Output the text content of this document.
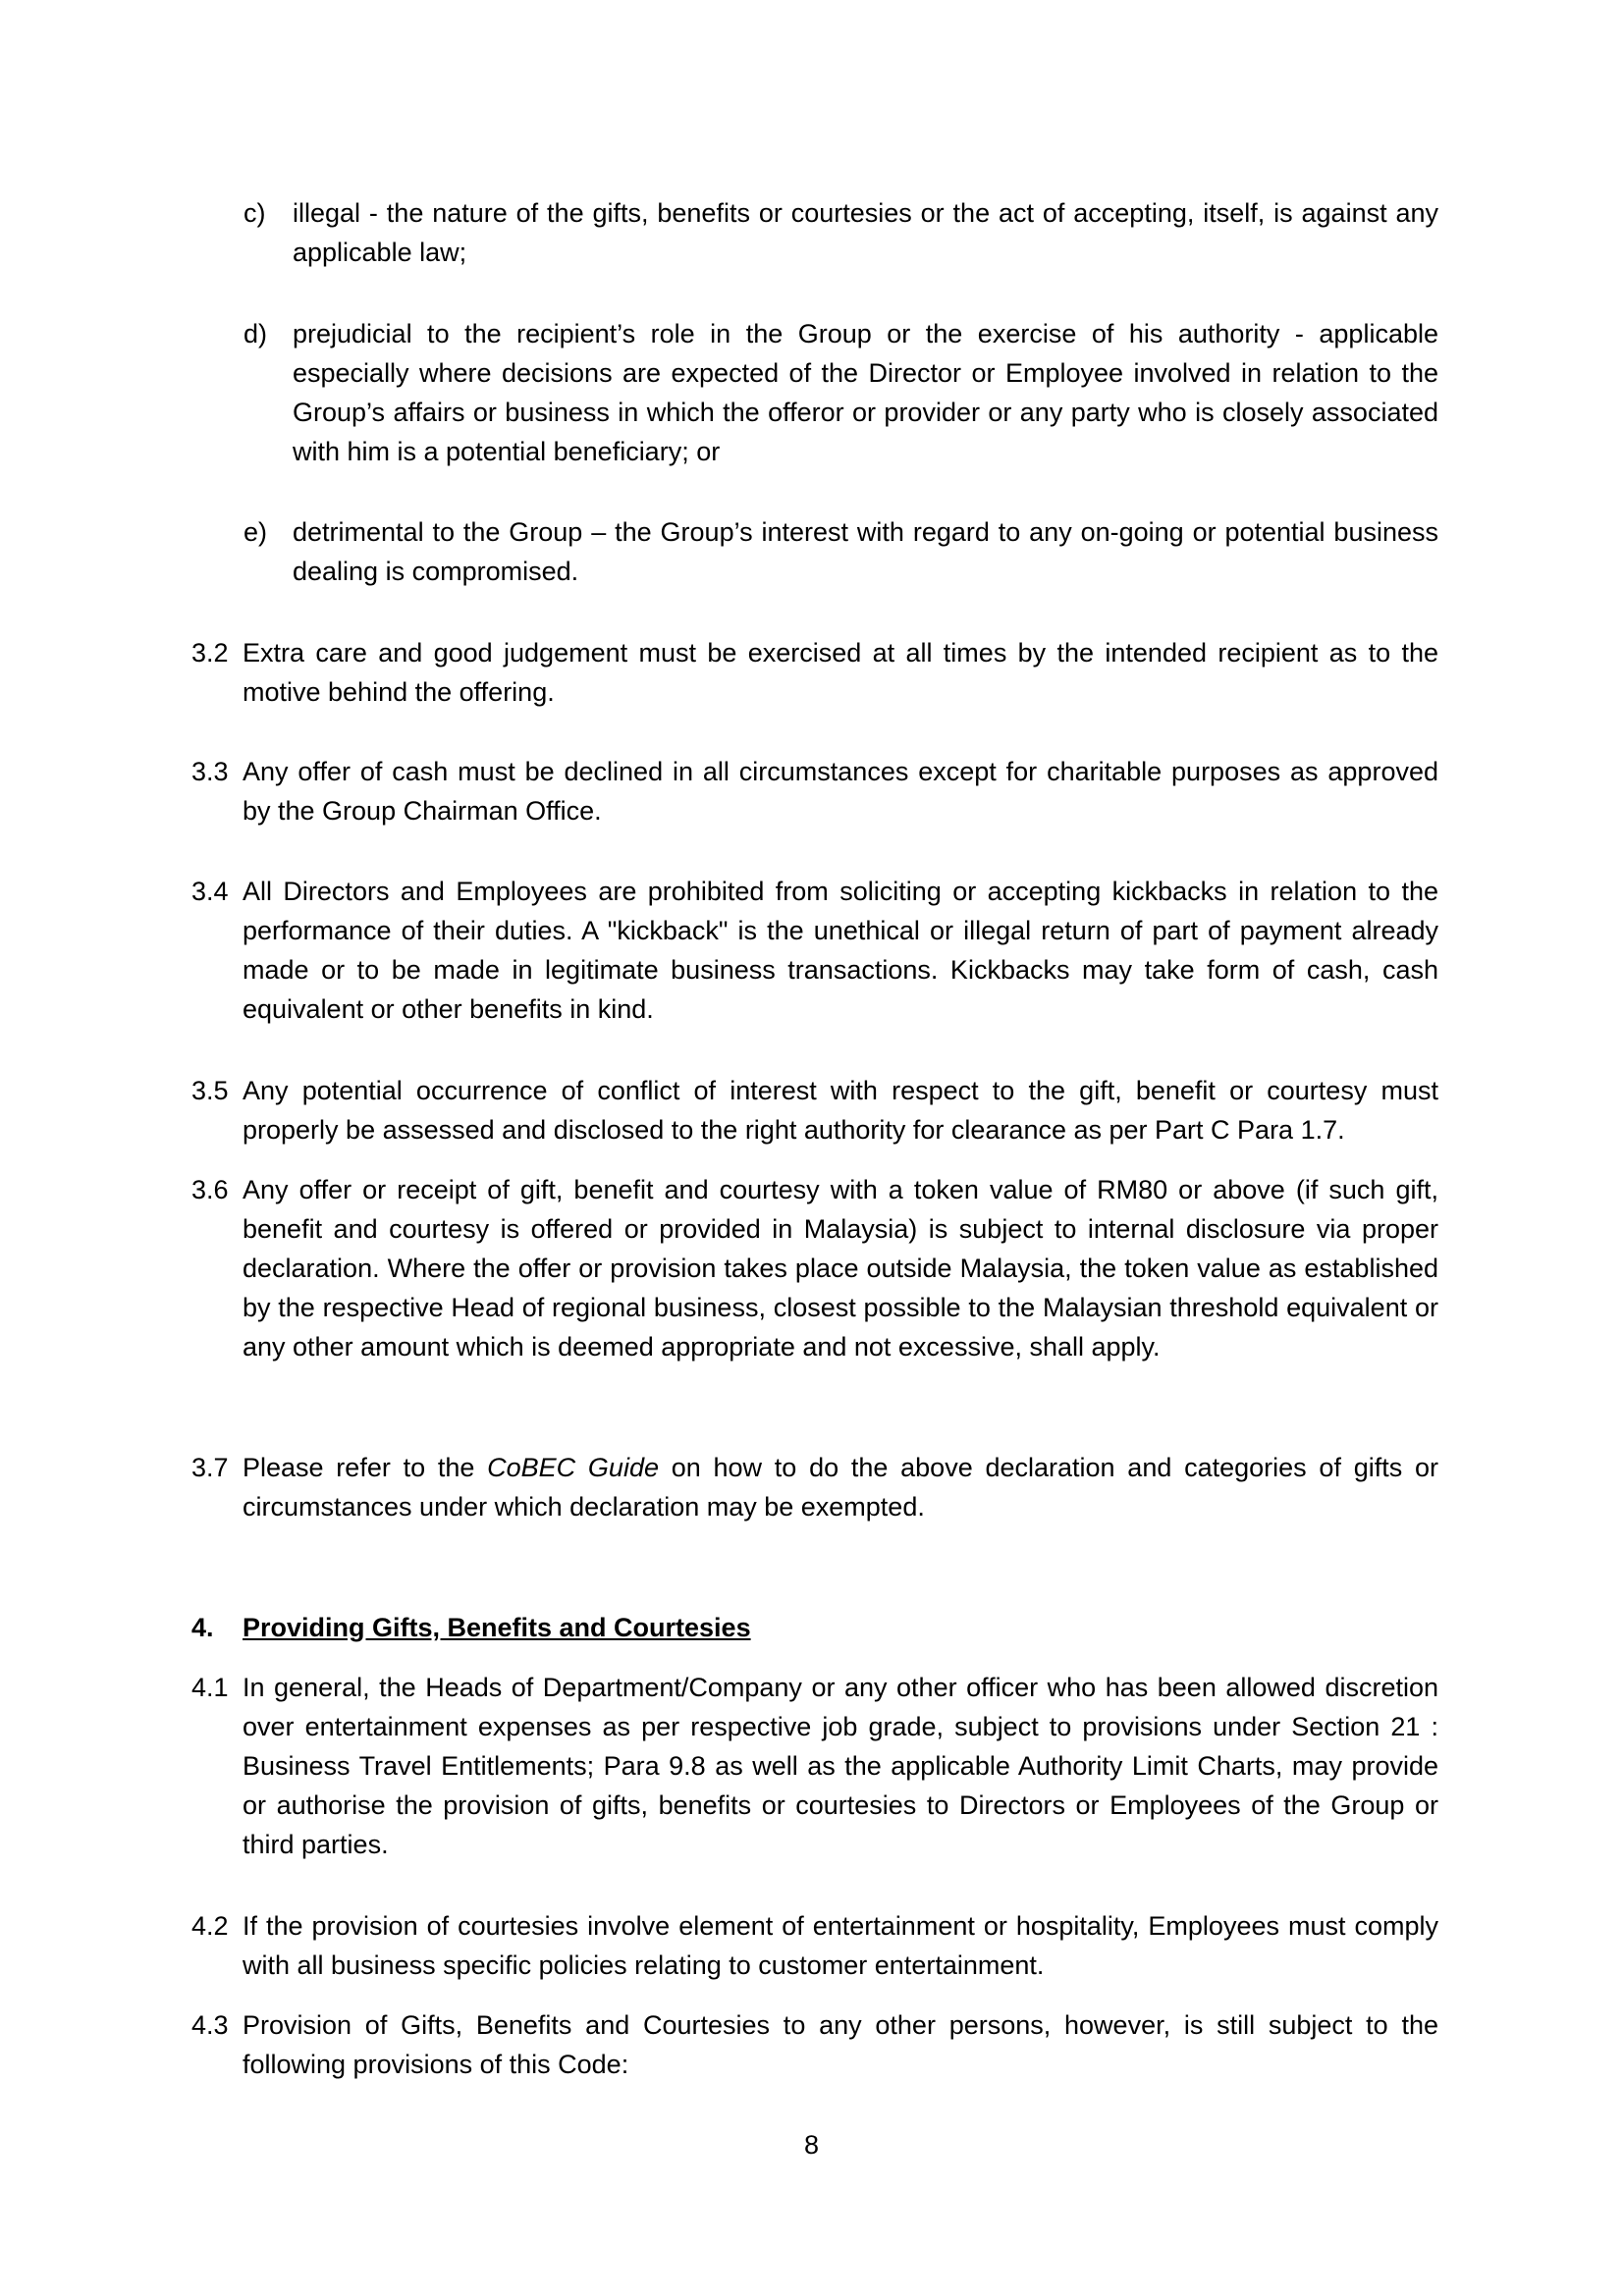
c) illegal - the nature of the gifts, benefits or courtesies or the act of accepting, itself, is against any applicable law;
d) prejudicial to the recipient’s role in the Group or the exercise of his authority - applicable especially where decisions are expected of the Director or Employee involved in relation to the Group’s affairs or business in which the offeror or provider or any party who is closely associated with him is a potential beneficiary; or
e) detrimental to the Group – the Group’s interest with regard to any on-going or potential business dealing is compromised.
3.2 Extra care and good judgement must be exercised at all times by the intended recipient as to the motive behind the offering.
3.3 Any offer of cash must be declined in all circumstances except for charitable purposes as approved by the Group Chairman Office.
3.4 All Directors and Employees are prohibited from soliciting or accepting kickbacks in relation to the performance of their duties. A "kickback" is the unethical or illegal return of part of payment already made or to be made in legitimate business transactions. Kickbacks may take form of cash, cash equivalent or other benefits in kind.
3.5 Any potential occurrence of conflict of interest with respect to the gift, benefit or courtesy must properly be assessed and disclosed to the right authority for clearance as per Part C Para 1.7.
3.6 Any offer or receipt of gift, benefit and courtesy with a token value of RM80 or above (if such gift, benefit and courtesy is offered or provided in Malaysia) is subject to internal disclosure via proper declaration. Where the offer or provision takes place outside Malaysia, the token value as established by the respective Head of regional business, closest possible to the Malaysian threshold equivalent or any other amount which is deemed appropriate and not excessive, shall apply.
3.7 Please refer to the CoBEC Guide on how to do the above declaration and categories of gifts or circumstances under which declaration may be exempted.
4. Providing Gifts, Benefits and Courtesies
4.1 In general, the Heads of Department/Company or any other officer who has been allowed discretion over entertainment expenses as per respective job grade, subject to provisions under Section 21 : Business Travel Entitlements; Para 9.8 as well as the applicable Authority Limit Charts, may provide or authorise the provision of gifts, benefits or courtesies to Directors or Employees of the Group or third parties.
4.2 If the provision of courtesies involve element of entertainment or hospitality, Employees must comply with all business specific policies relating to customer entertainment.
4.3 Provision of Gifts, Benefits and Courtesies to any other persons, however, is still subject to the following provisions of this Code:
8
